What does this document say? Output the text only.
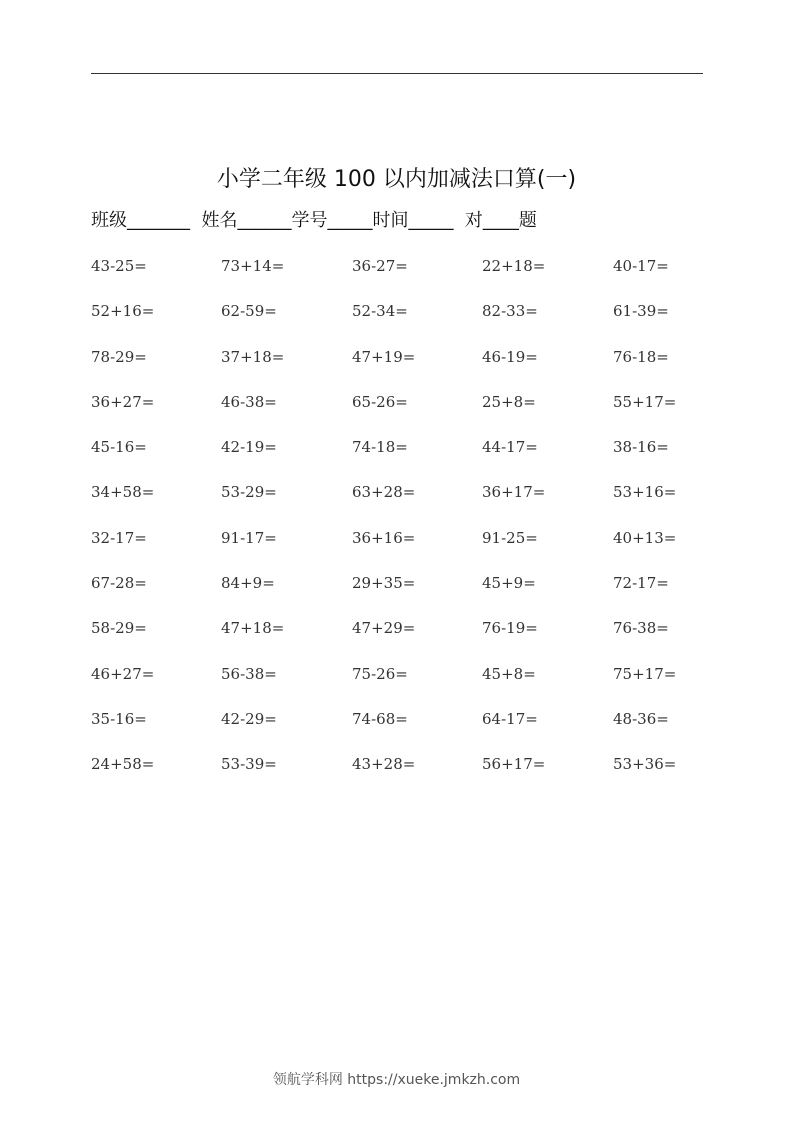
小学二年级 100 以内加减法口算(一)
班级_______  姓名______学号_____时间_____  对____题
43-25=	73+14=	36-27=	22+18=	40-17=
52+16=	62-59=	52-34=	82-33=	61-39=
78-29=	37+18=	47+19=	46-19=	76-18=
36+27=	46-38=	65-26=	25+8=	55+17=
45-16=	42-19=	74-18=	44-17=	38-16=
34+58=	53-29=	63+28=	36+17=	53+16=
32-17=	91-17=	36+16=	91-25=	40+13=
67-28=	84+9=	29+35=	45+9=	72-17=
58-29=	47+18=	47+29=	76-19=	76-38=
46+27=	56-38=	75-26=	45+8=	75+17=
35-16=	42-29=	74-68=	64-17=	48-36=
24+58=	53-39=	43+28=	56+17=	53+36=
领航学科网 https://xueke.jmkzh.com
